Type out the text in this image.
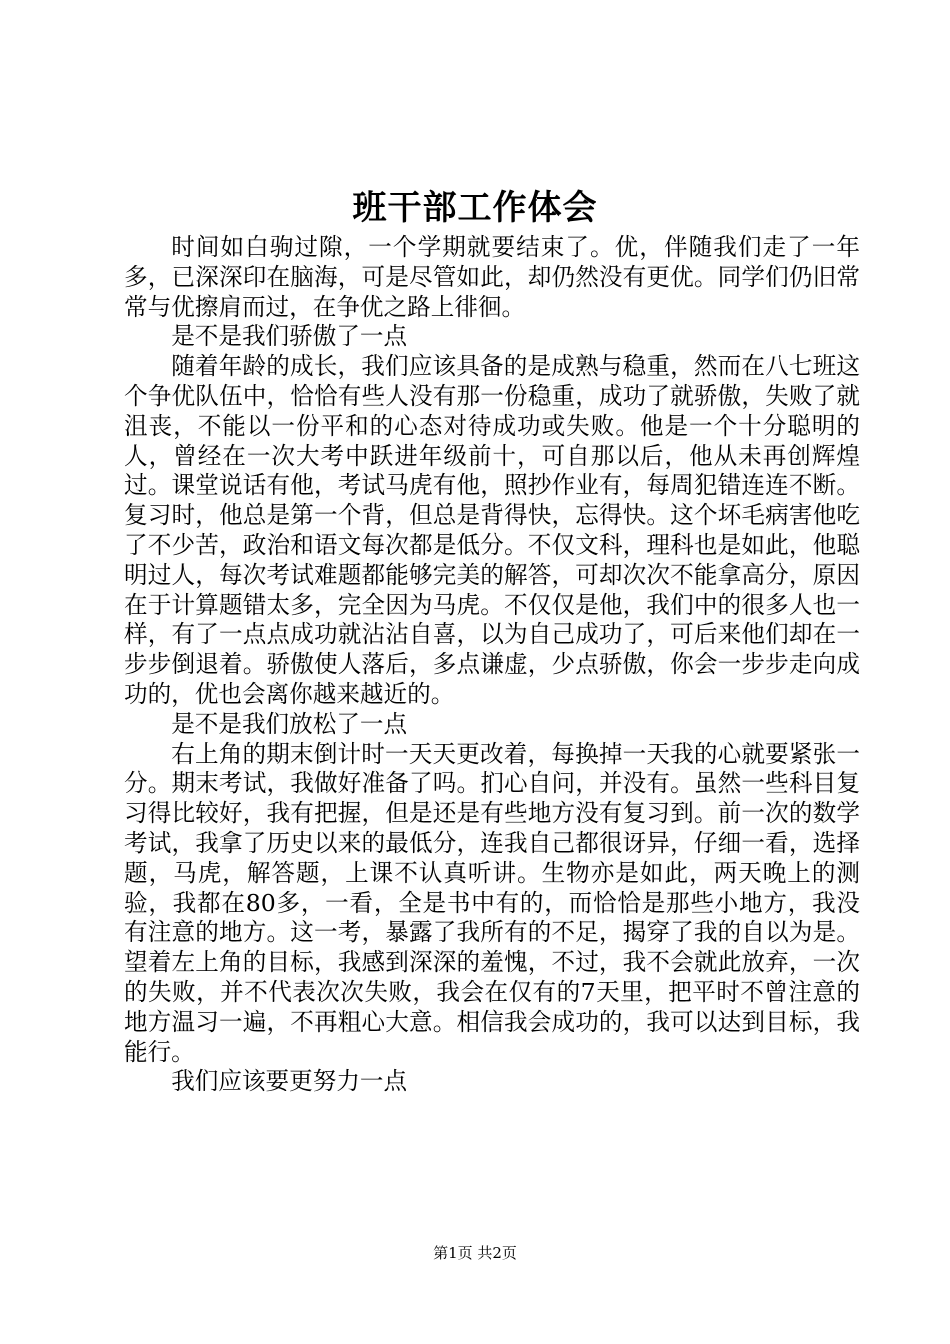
班干部工作体会

时间如白驹过隙，一个学期就要结束了。优，伴随我们走了一年多，已深深印在脑海，可是尽管如此，却仍然没有更优。同学们仍旧常常与优擦肩而过，在争优之路上徘徊。

是不是我们骄傲了一点

随着年龄的成长，我们应该具备的是成熟与稳重，然而在八七班这个争优队伍中，恰恰有些人没有那一份稳重，成功了就骄傲，失败了就沮丧，不能以一份平和的心态对待成功或失败。他是一个十分聪明的人，曾经在一次大考中跃进年级前十，可自那以后，他从未再创辉煌过。课堂说话有他，考试马虎有他，照抄作业有，每周犯错连连不断。复习时，他总是第一个背，但总是背得快，忘得快。这个坏毛病害他吃了不少苦，政治和语文每次都是低分。不仅文科，理科也是如此，他聪明过人，每次考试难题都能够完美的解答，可却次次不能拿高分，原因在于计算题错太多，完全因为马虎。不仅仅是他，我们中的很多人也一样，有了一点点成功就沾沾自喜，以为自己成功了，可后来他们却在一步步倒退着。骄傲使人落后，多点谦虚，少点骄傲，你会一步步走向成功的，优也会离你越来越近的。

是不是我们放松了一点

右上角的期末倒计时一天天更改着，每换掉一天我的心就要紧张一分。期末考试，我做好准备了吗。扪心自问，并没有。虽然一些科目复习得比较好，我有把握，但是还是有些地方没有复习到。前一次的数学考试，我拿了历史以来的最低分，连我自己都很讶异，仔细一看，选择题，马虎，解答题，上课不认真听讲。生物亦是如此，两天晚上的测验，我都在80多，一看，全是书中有的，而恰恰是那些小地方，我没有注意的地方。这一考，暴露了我所有的不足，揭穿了我的自以为是。望着左上角的目标，我感到深深的羞愧，不过，我不会就此放弃，一次的失败，并不代表次次失败，我会在仅有的7天里，把平时不曾注意的地方温习一遍，不再粗心大意。相信我会成功的，我可以达到目标，我能行。

我们应该要更努力一点

第1页 共2页
